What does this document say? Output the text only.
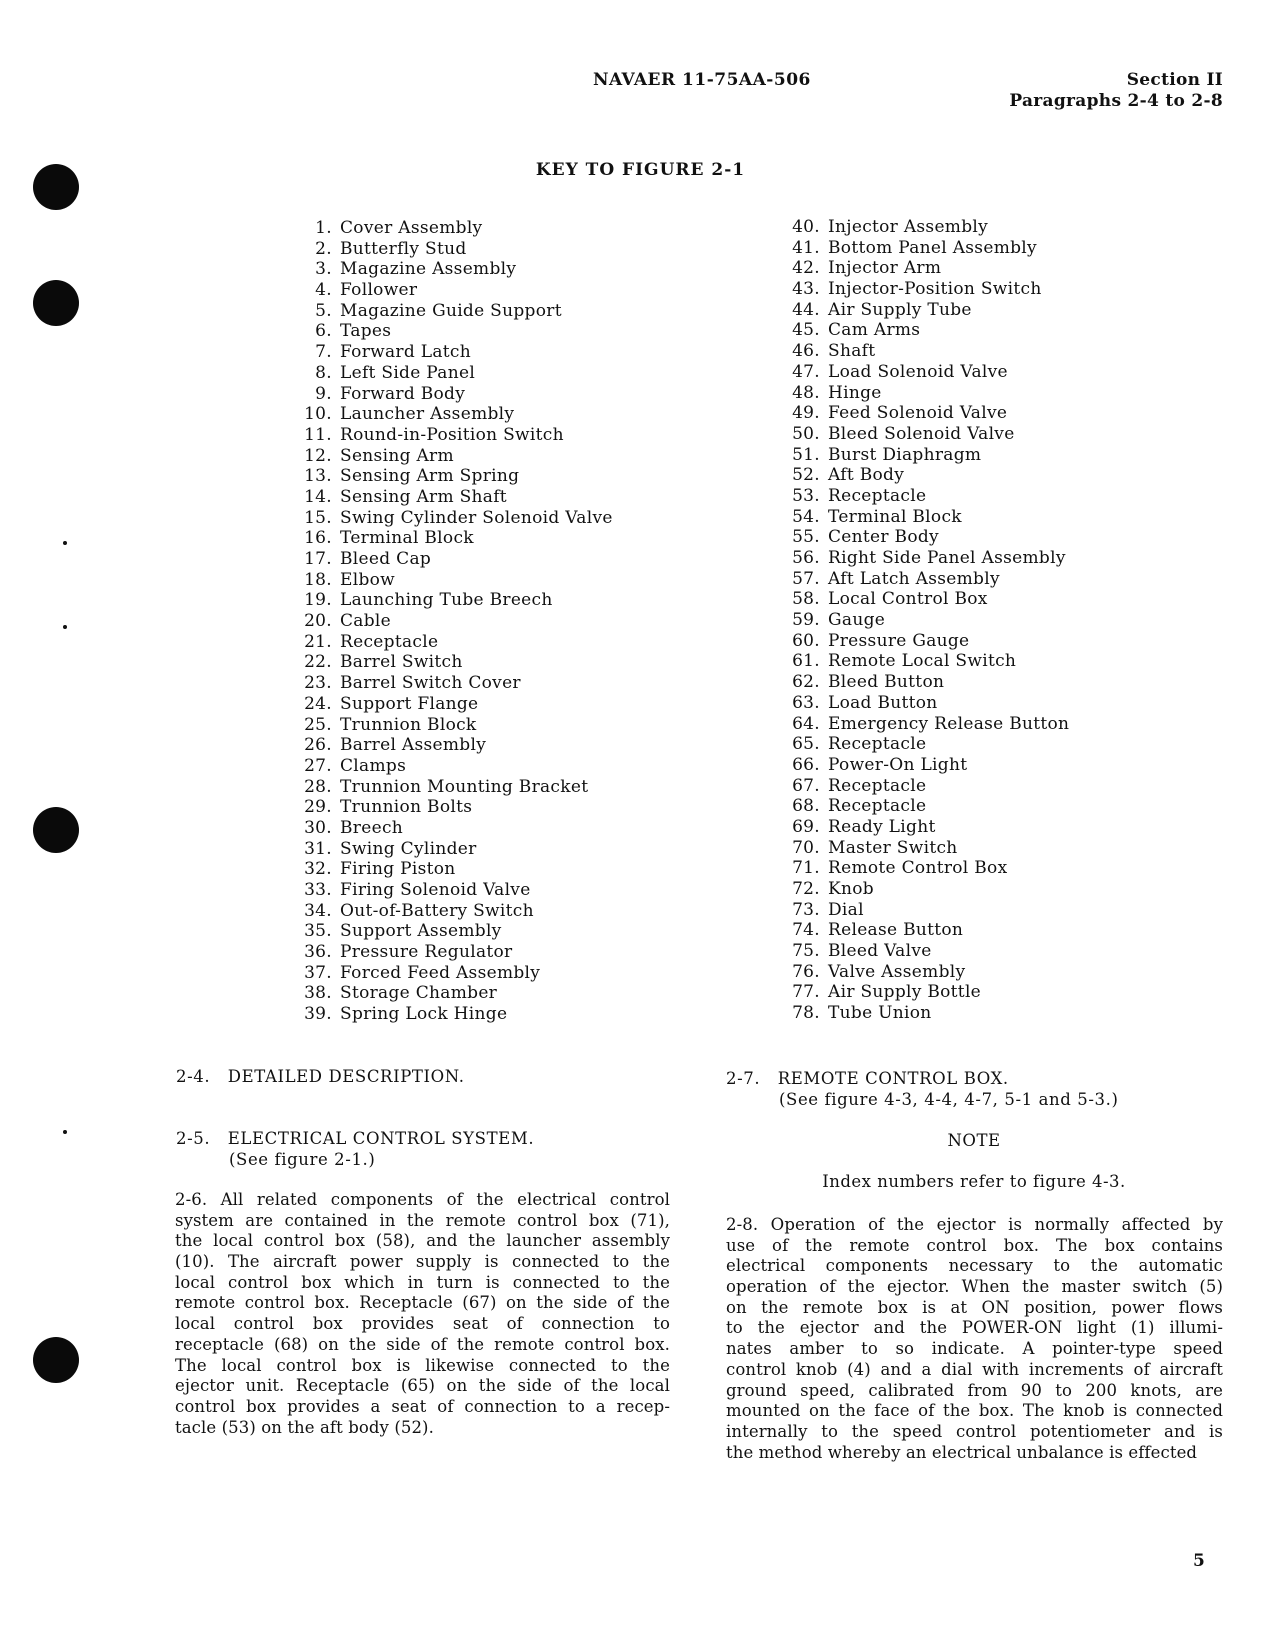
NAVAER 11-75AA-506	Section II
Paragraphs 2-4 to 2-8
KEY TO FIGURE 2-1
1. Cover Assembly
2. Butterfly Stud
3. Magazine Assembly
4. Follower
5. Magazine Guide Support
6. Tapes
7. Forward Latch
8. Left Side Panel
9. Forward Body
10. Launcher Assembly
11. Round-in-Position Switch
12. Sensing Arm
13. Sensing Arm Spring
14. Sensing Arm Shaft
15. Swing Cylinder Solenoid Valve
16. Terminal Block
17. Bleed Cap
18. Elbow
19. Launching Tube Breech
20. Cable
21. Receptacle
22. Barrel Switch
23. Barrel Switch Cover
24. Support Flange
25. Trunnion Block
26. Barrel Assembly
27. Clamps
28. Trunnion Mounting Bracket
29. Trunnion Bolts
30. Breech
31. Swing Cylinder
32. Firing Piston
33. Firing Solenoid Valve
34. Out-of-Battery Switch
35. Support Assembly
36. Pressure Regulator
37. Forced Feed Assembly
38. Storage Chamber
39. Spring Lock Hinge
40. Injector Assembly
41. Bottom Panel Assembly
42. Injector Arm
43. Injector-Position Switch
44. Air Supply Tube
45. Cam Arms
46. Shaft
47. Load Solenoid Valve
48. Hinge
49. Feed Solenoid Valve
50. Bleed Solenoid Valve
51. Burst Diaphragm
52. Aft Body
53. Receptacle
54. Terminal Block
55. Center Body
56. Right Side Panel Assembly
57. Aft Latch Assembly
58. Local Control Box
59. Gauge
60. Pressure Gauge
61. Remote Local Switch
62. Bleed Button
63. Load Button
64. Emergency Release Button
65. Receptacle
66. Power-On Light
67. Receptacle
68. Receptacle
69. Ready Light
70. Master Switch
71. Remote Control Box
72. Knob
73. Dial
74. Release Button
75. Bleed Valve
76. Valve Assembly
77. Air Supply Bottle
78. Tube Union
2-4. DETAILED DESCRIPTION.
2-5. ELECTRICAL CONTROL SYSTEM.
(See figure 2-1.)
2-6. All related components of the electrical control
system are contained in the remote control box (71),
the local control box (58), and the launcher assembly
(10). The aircraft power supply is connected to the
local control box which in turn is connected to the
remote control box. Receptacle (67) on the side of the
local control box provides seat of connection to
receptacle (68) on the side of the remote control box.
The local control box is likewise connected to the
ejector unit. Receptacle (65) on the side of the local
control box provides a seat of connection to a recep-
tacle (53) on the aft body (52).
2-7. REMOTE CONTROL BOX.
(See figure 4-3, 4-4, 4-7, 5-1 and 5-3.)
NOTE
Index numbers refer to figure 4-3.
2-8. Operation of the ejector is normally affected by
use of the remote control box. The box contains
electrical components necessary to the automatic
operation of the ejector. When the master switch (5)
on the remote box is at ON position, power flows
to the ejector and the POWER-ON light (1) illumi-
nates amber to so indicate. A pointer-type speed
control knob (4) and a dial with increments of aircraft
ground speed, calibrated from 90 to 200 knots, are
mounted on the face of the box. The knob is connected
internally to the speed control potentiometer and is
the method whereby an electrical unbalance is effected
5
